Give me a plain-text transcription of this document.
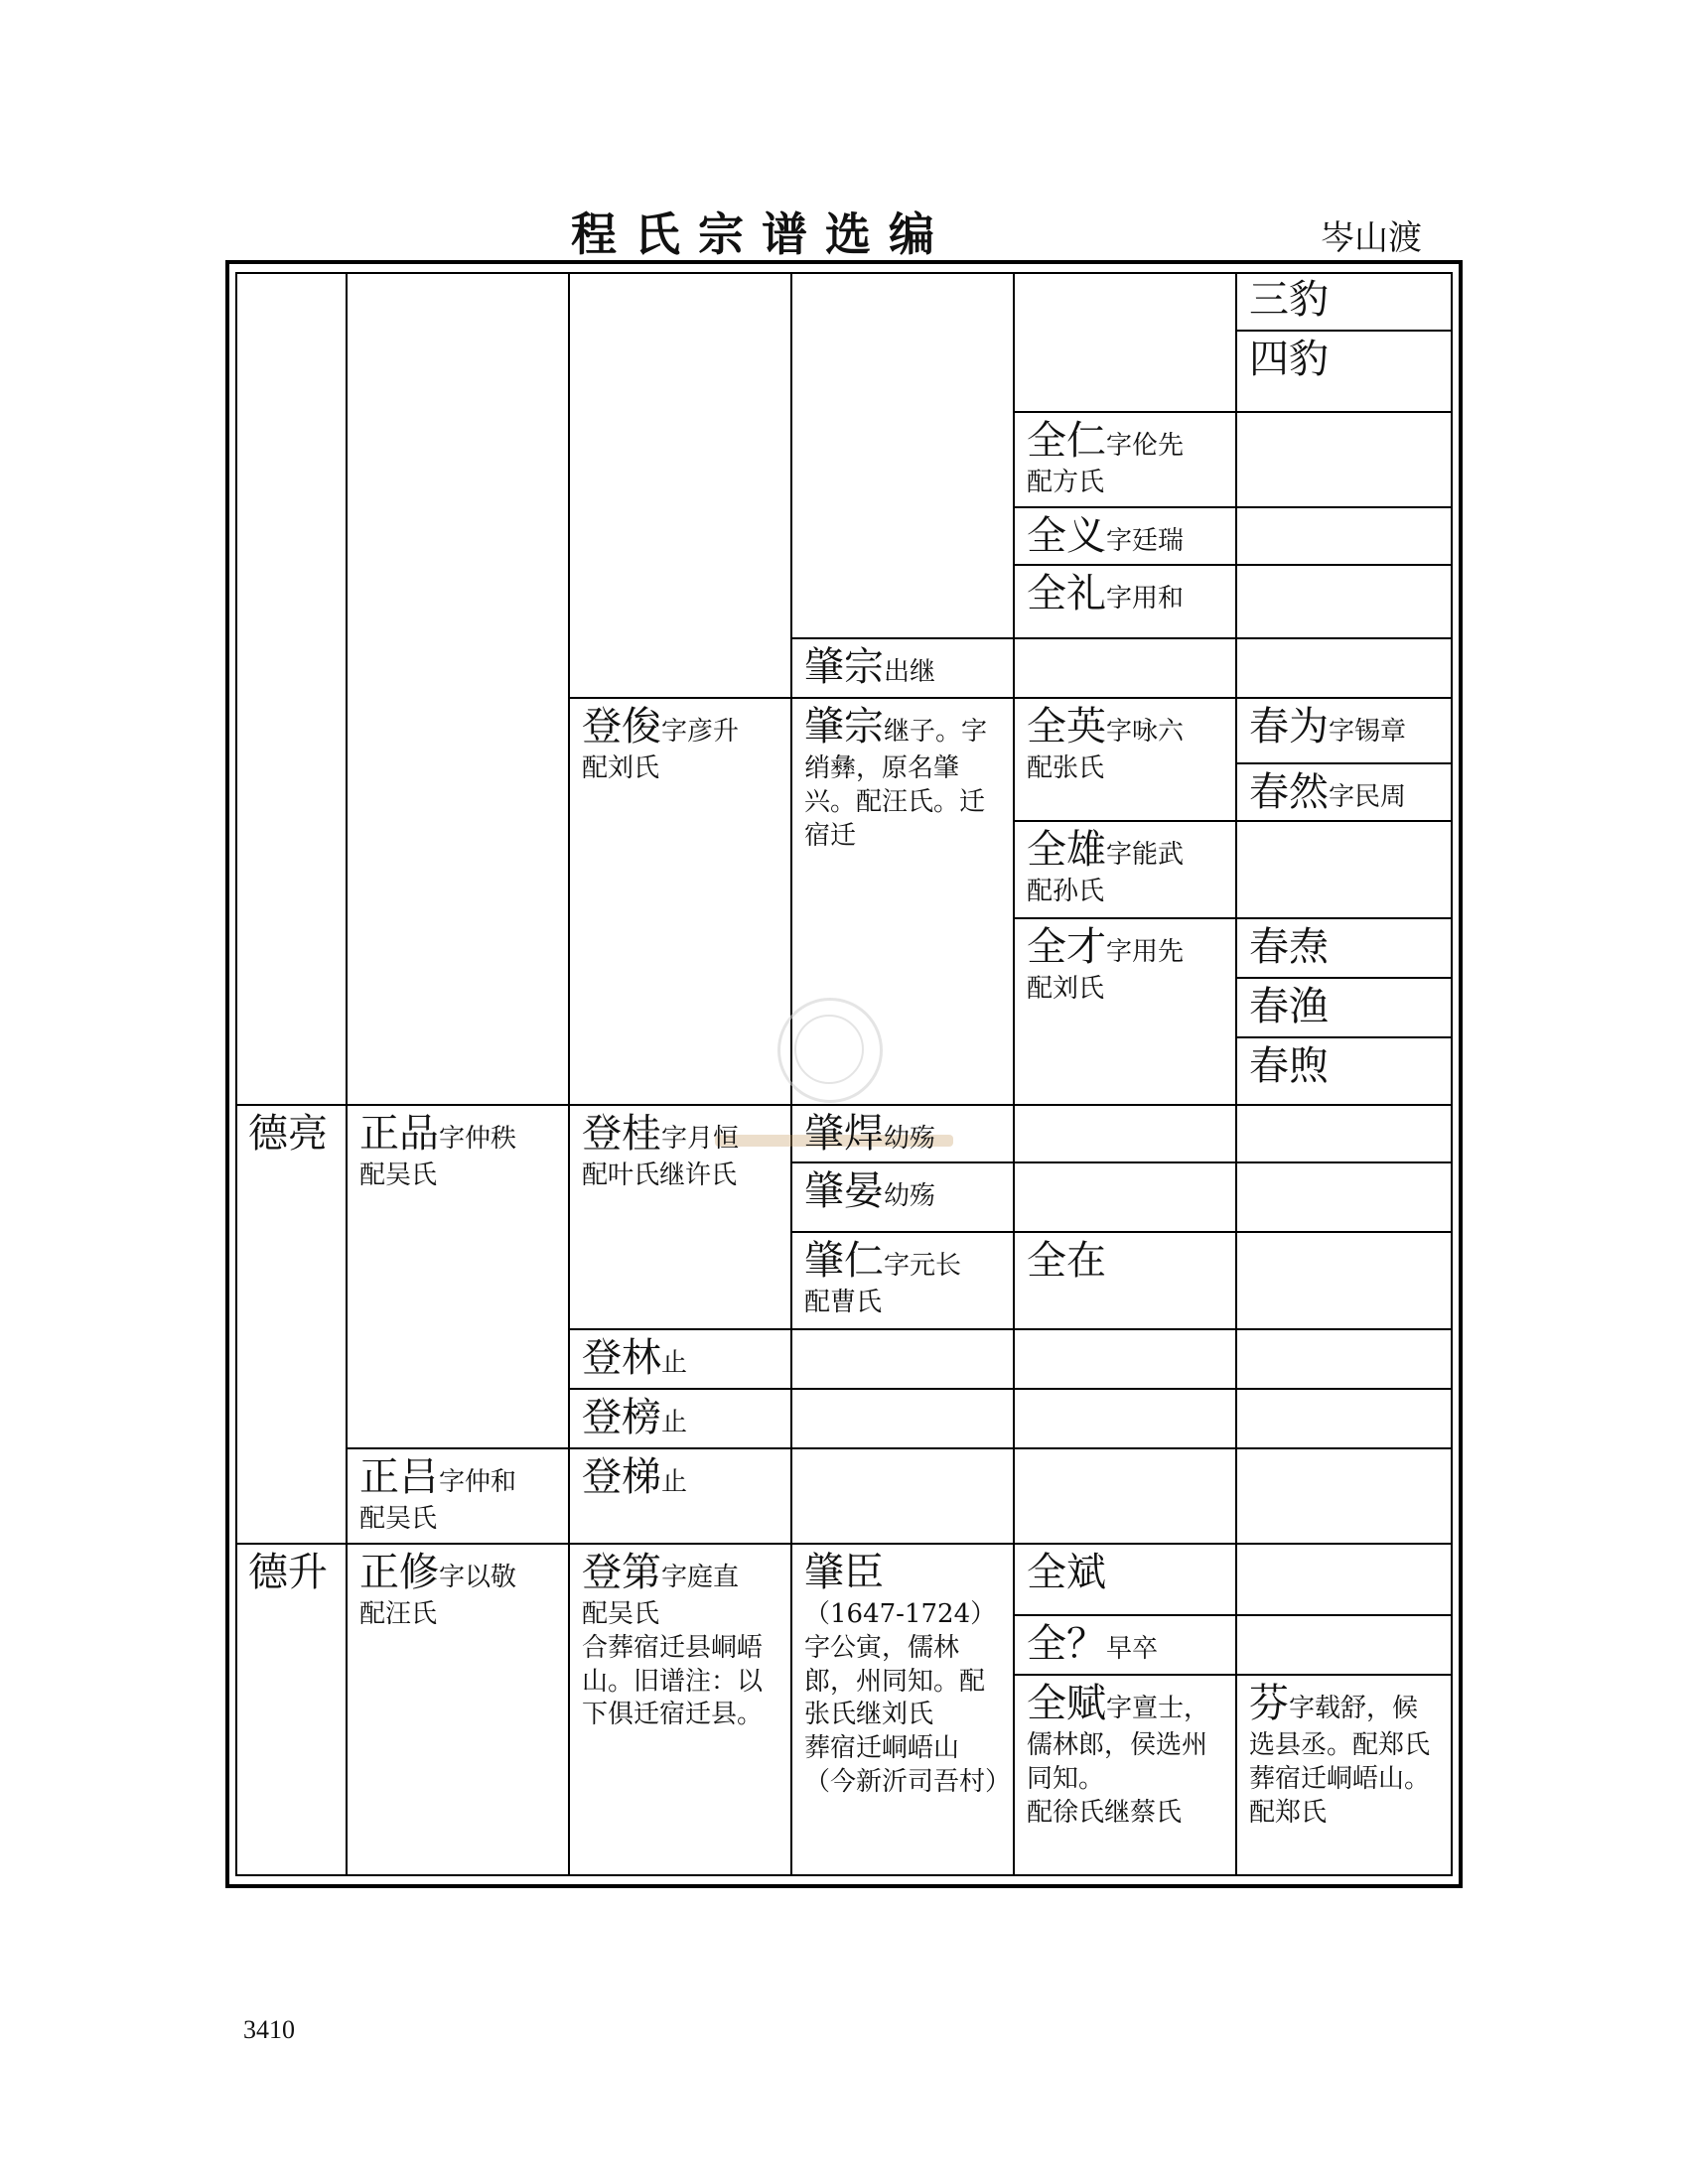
程氏宗谱选编	岑山渡
三豹
四豹
全仁字伦先
配方氏
全义字廷瑞
全礼字用和
肇宗出继
登俊字彦升
配刘氏
肇宗继子。字
绡彝，原名肇兴。配汪氏。迁宿迁
全英字咏六
配张氏
春为字锡章
春然字民周
全雄字能武
配孙氏
全才字用先
配刘氏
春焘
春渔
春煦
德亮 正品字仲秩
配吴氏
登桂字月恒
配叶氏继许氏
肇焊幼殇
肇晏幼殇
肇仁字元长
配曹氏
全在
登林止
登榜止
正吕字仲和
配吴氏
登梯止
德升 正修字以敬
配汪氏
登第字庭直
配吴氏
合葬宿迁县峒峿山。旧谱注：以下俱迁宿迁县。
肇臣
（1647-1724）
字公寅，儒林郎，州同知。配张氏继刘氏
葬宿迁峒峿山（今新沂司吾村）
全斌
全？早卒
全赋字亶士，
儒林郎，侯选州同知。
配徐氏继蔡氏
芬字载舒，候
选县丞。配郑氏
葬宿迁峒峿山。配郑氏
3410
